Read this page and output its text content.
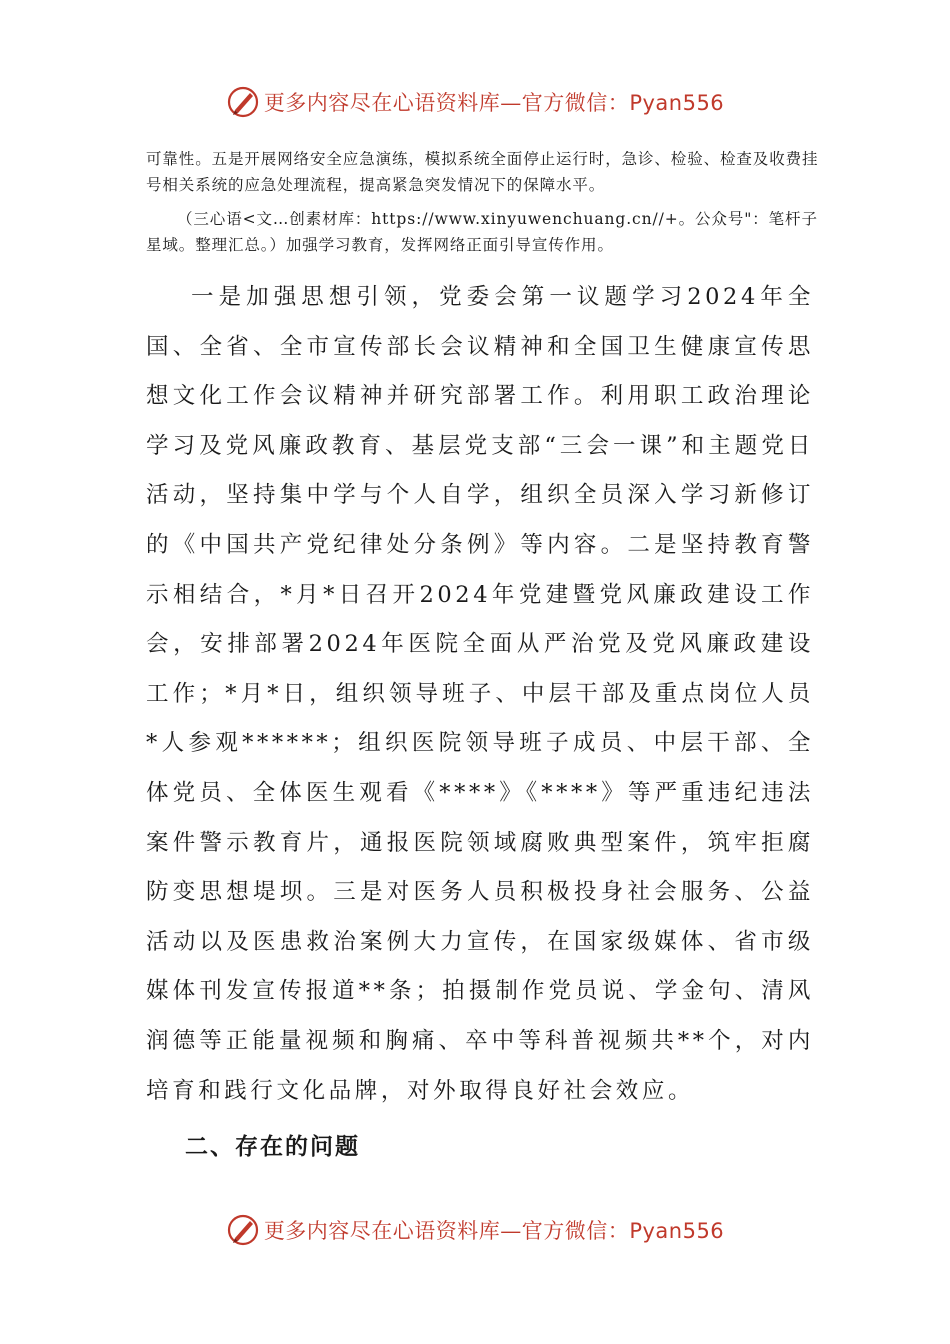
更多内容尽在心语资料库—官方微信：Pyan556

可靠性。五是开展网络安全应急演练，模拟系统全面停止运行时，急诊、检验、检查及收费挂号相关系统的应急处理流程，提高紧急突发情况下的保障水平。

（三心语<文…创素材库：https://www.xinyuwenchuang.cn//+。公众号"：笔杆子星域。整理汇总。）加强学习教育，发挥网络正面引导宣传作用。

一是加强思想引领，党委会第一议题学习2024年全国、全省、全市宣传部长会议精神和全国卫生健康宣传思想文化工作会议精神并研究部署工作。利用职工政治理论学习及党风廉政教育、基层党支部“三会一课”和主题党日活动，坚持集中学与个人自学，组织全员深入学习新修订的《中国共产党纪律处分条例》等内容。二是坚持教育警示相结合，*月*日召开2024年党建暨党风廉政建设工作会，安排部署2024年医院全面从严治党及党风廉政建设工作；*月*日，组织领导班子、中层干部及重点岗位人员*人参观******；组织医院领导班子成员、中层干部、全体党员、全体医生观看《****》《****》等严重违纪违法案件警示教育片，通报医院领域腐败典型案件，筑牢拒腐防变思想堤坝。三是对医务人员积极投身社会服务、公益活动以及医患救治案例大力宣传，在国家级媒体、省市级媒体刊发宣传报道**条；拍摄制作党员说、学金句、清风润德等正能量视频和胸痛、卒中等科普视频共**个，对内培育和践行文化品牌，对外取得良好社会效应。

二、存在的问题
更多内容尽在心语资料库—官方微信：Pyan556
